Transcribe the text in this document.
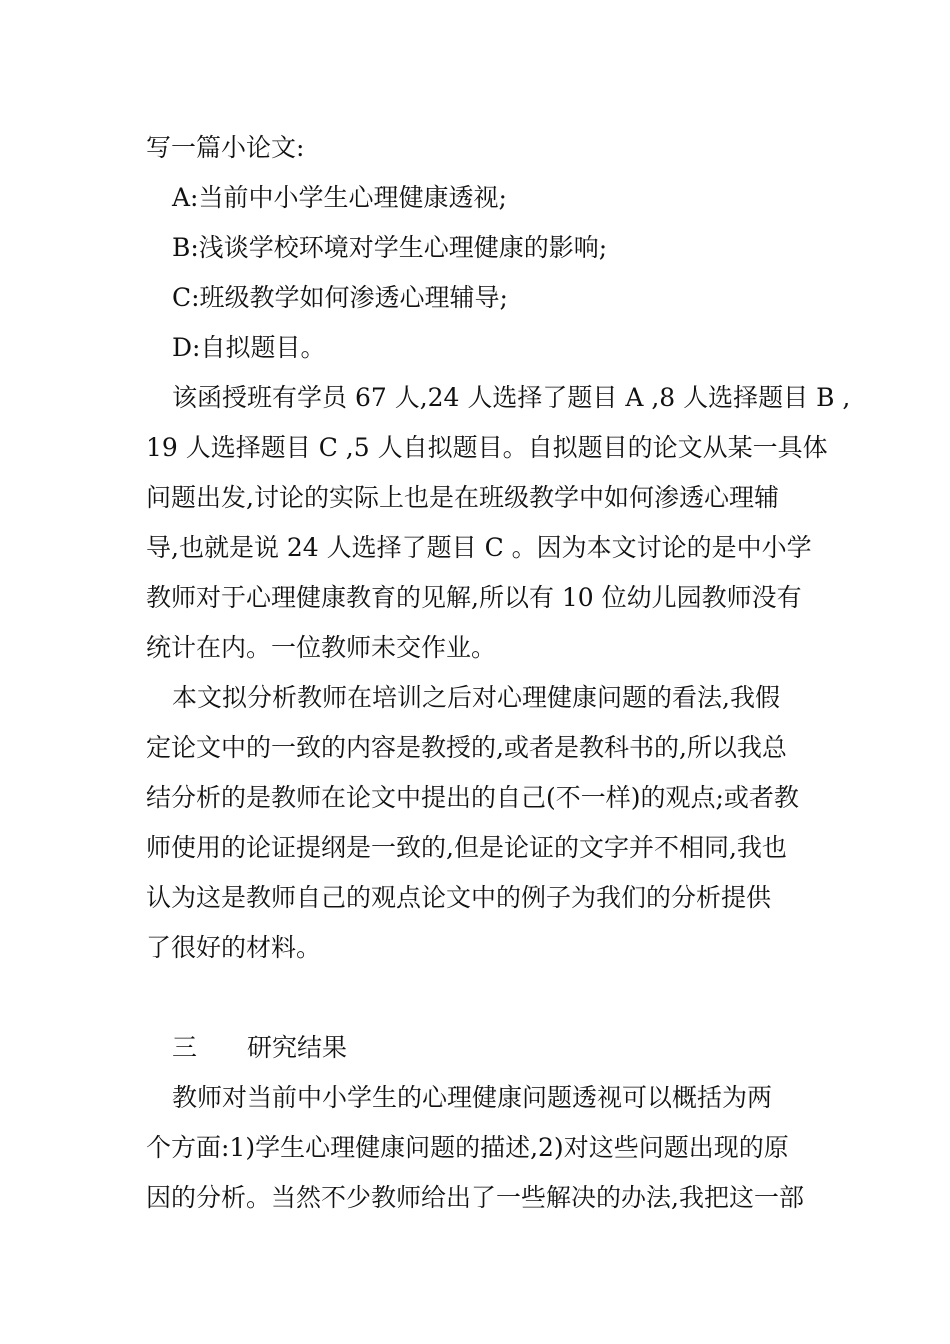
写一篇小论文:
A:当前中小学生心理健康透视;
B:浅谈学校环境对学生心理健康的影响;
C:班级教学如何渗透心理辅导;
D:自拟题目。
该函授班有学员 67 人,24 人选择了题目 A ,8 人选择题目 B ,
19 人选择题目 C ,5 人自拟题目。自拟题目的论文从某一具体
问题出发,讨论的实际上也是在班级教学中如何渗透心理辅
导,也就是说 24 人选择了题目 C 。因为本文讨论的是中小学
教师对于心理健康教育的见解,所以有 10 位幼儿园教师没有
统计在内。一位教师未交作业。
本文拟分析教师在培训之后对心理健康问题的看法,我假
定论文中的一致的内容是教授的,或者是教科书的,所以我总
结分析的是教师在论文中提出的自己(不一样)的观点;或者教
师使用的论证提纲是一致的,但是论证的文字并不相同,我也
认为这是教师自己的观点论文中的例子为我们的分析提供
了很好的材料。
三 研究结果
教师对当前中小学生的心理健康问题透视可以概括为两
个方面:1)学生心理健康问题的描述,2)对这些问题出现的原
因的分析。当然不少教师给出了一些解决的办法,我把这一部
